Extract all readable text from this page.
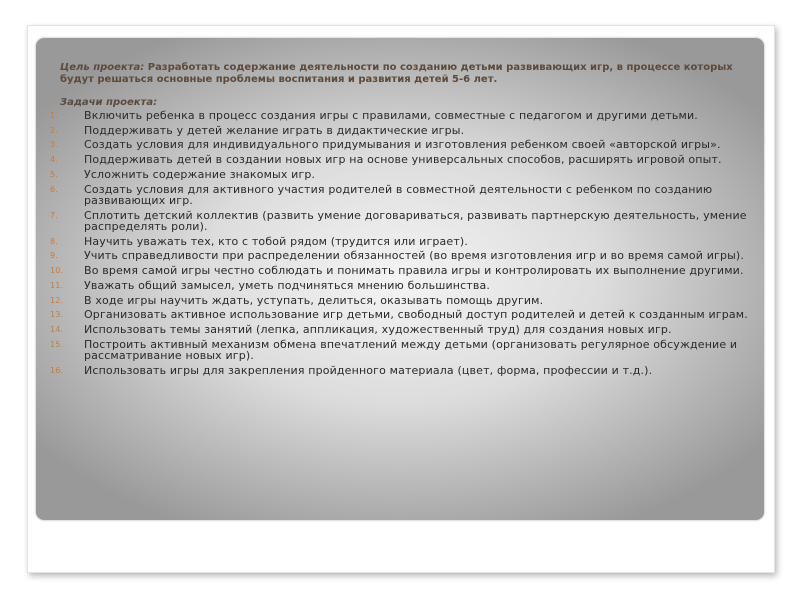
Цель проекта: Разработать содержание деятельности по созданию детьми развивающих игр, в процессе которых будут решаться основные проблемы воспитания и развития детей 5-6 лет.
Задачи проекта:
1. Включить ребенка в процесс создания игры с правилами, совместные с педагогом и другими детьми.
2. Поддерживать у детей желание играть в дидактические игры.
3. Создать условия для индивидуального придумывания и изготовления ребенком своей «авторской игры».
4. Поддерживать детей в создании новых игр на основе универсальных способов, расширять игровой опыт.
5. Усложнить содержание знакомых игр.
6. Создать условия для активного участия родителей в совместной деятельности с ребенком по созданию развивающих игр.
7. Сплотить детский коллектив (развить умение договариваться, развивать партнерскую деятельность, умение распределять роли).
8. Научить уважать тех, кто с тобой рядом (трудится или играет).
9. Учить справедливости при распределении обязанностей (во время изготовления игр и во время самой игры).
10. Во время самой игры честно соблюдать и понимать правила игры и контролировать их выполнение другими.
11. Уважать общий замысел, уметь подчиняться мнению большинства.
12. В ходе игры научить ждать, уступать, делиться, оказывать помощь другим.
13. Организовать активное использование игр детьми, свободный доступ родителей и детей к созданным играм.
14. Использовать темы занятий (лепка, аппликация, художественный труд) для создания новых игр.
15. Построить активный механизм обмена впечатлений между детьми (организовать регулярное обсуждение и рассматривание новых игр).
16. Использовать игры для закрепления пройденного материала (цвет, форма, профессии и т.д.).
